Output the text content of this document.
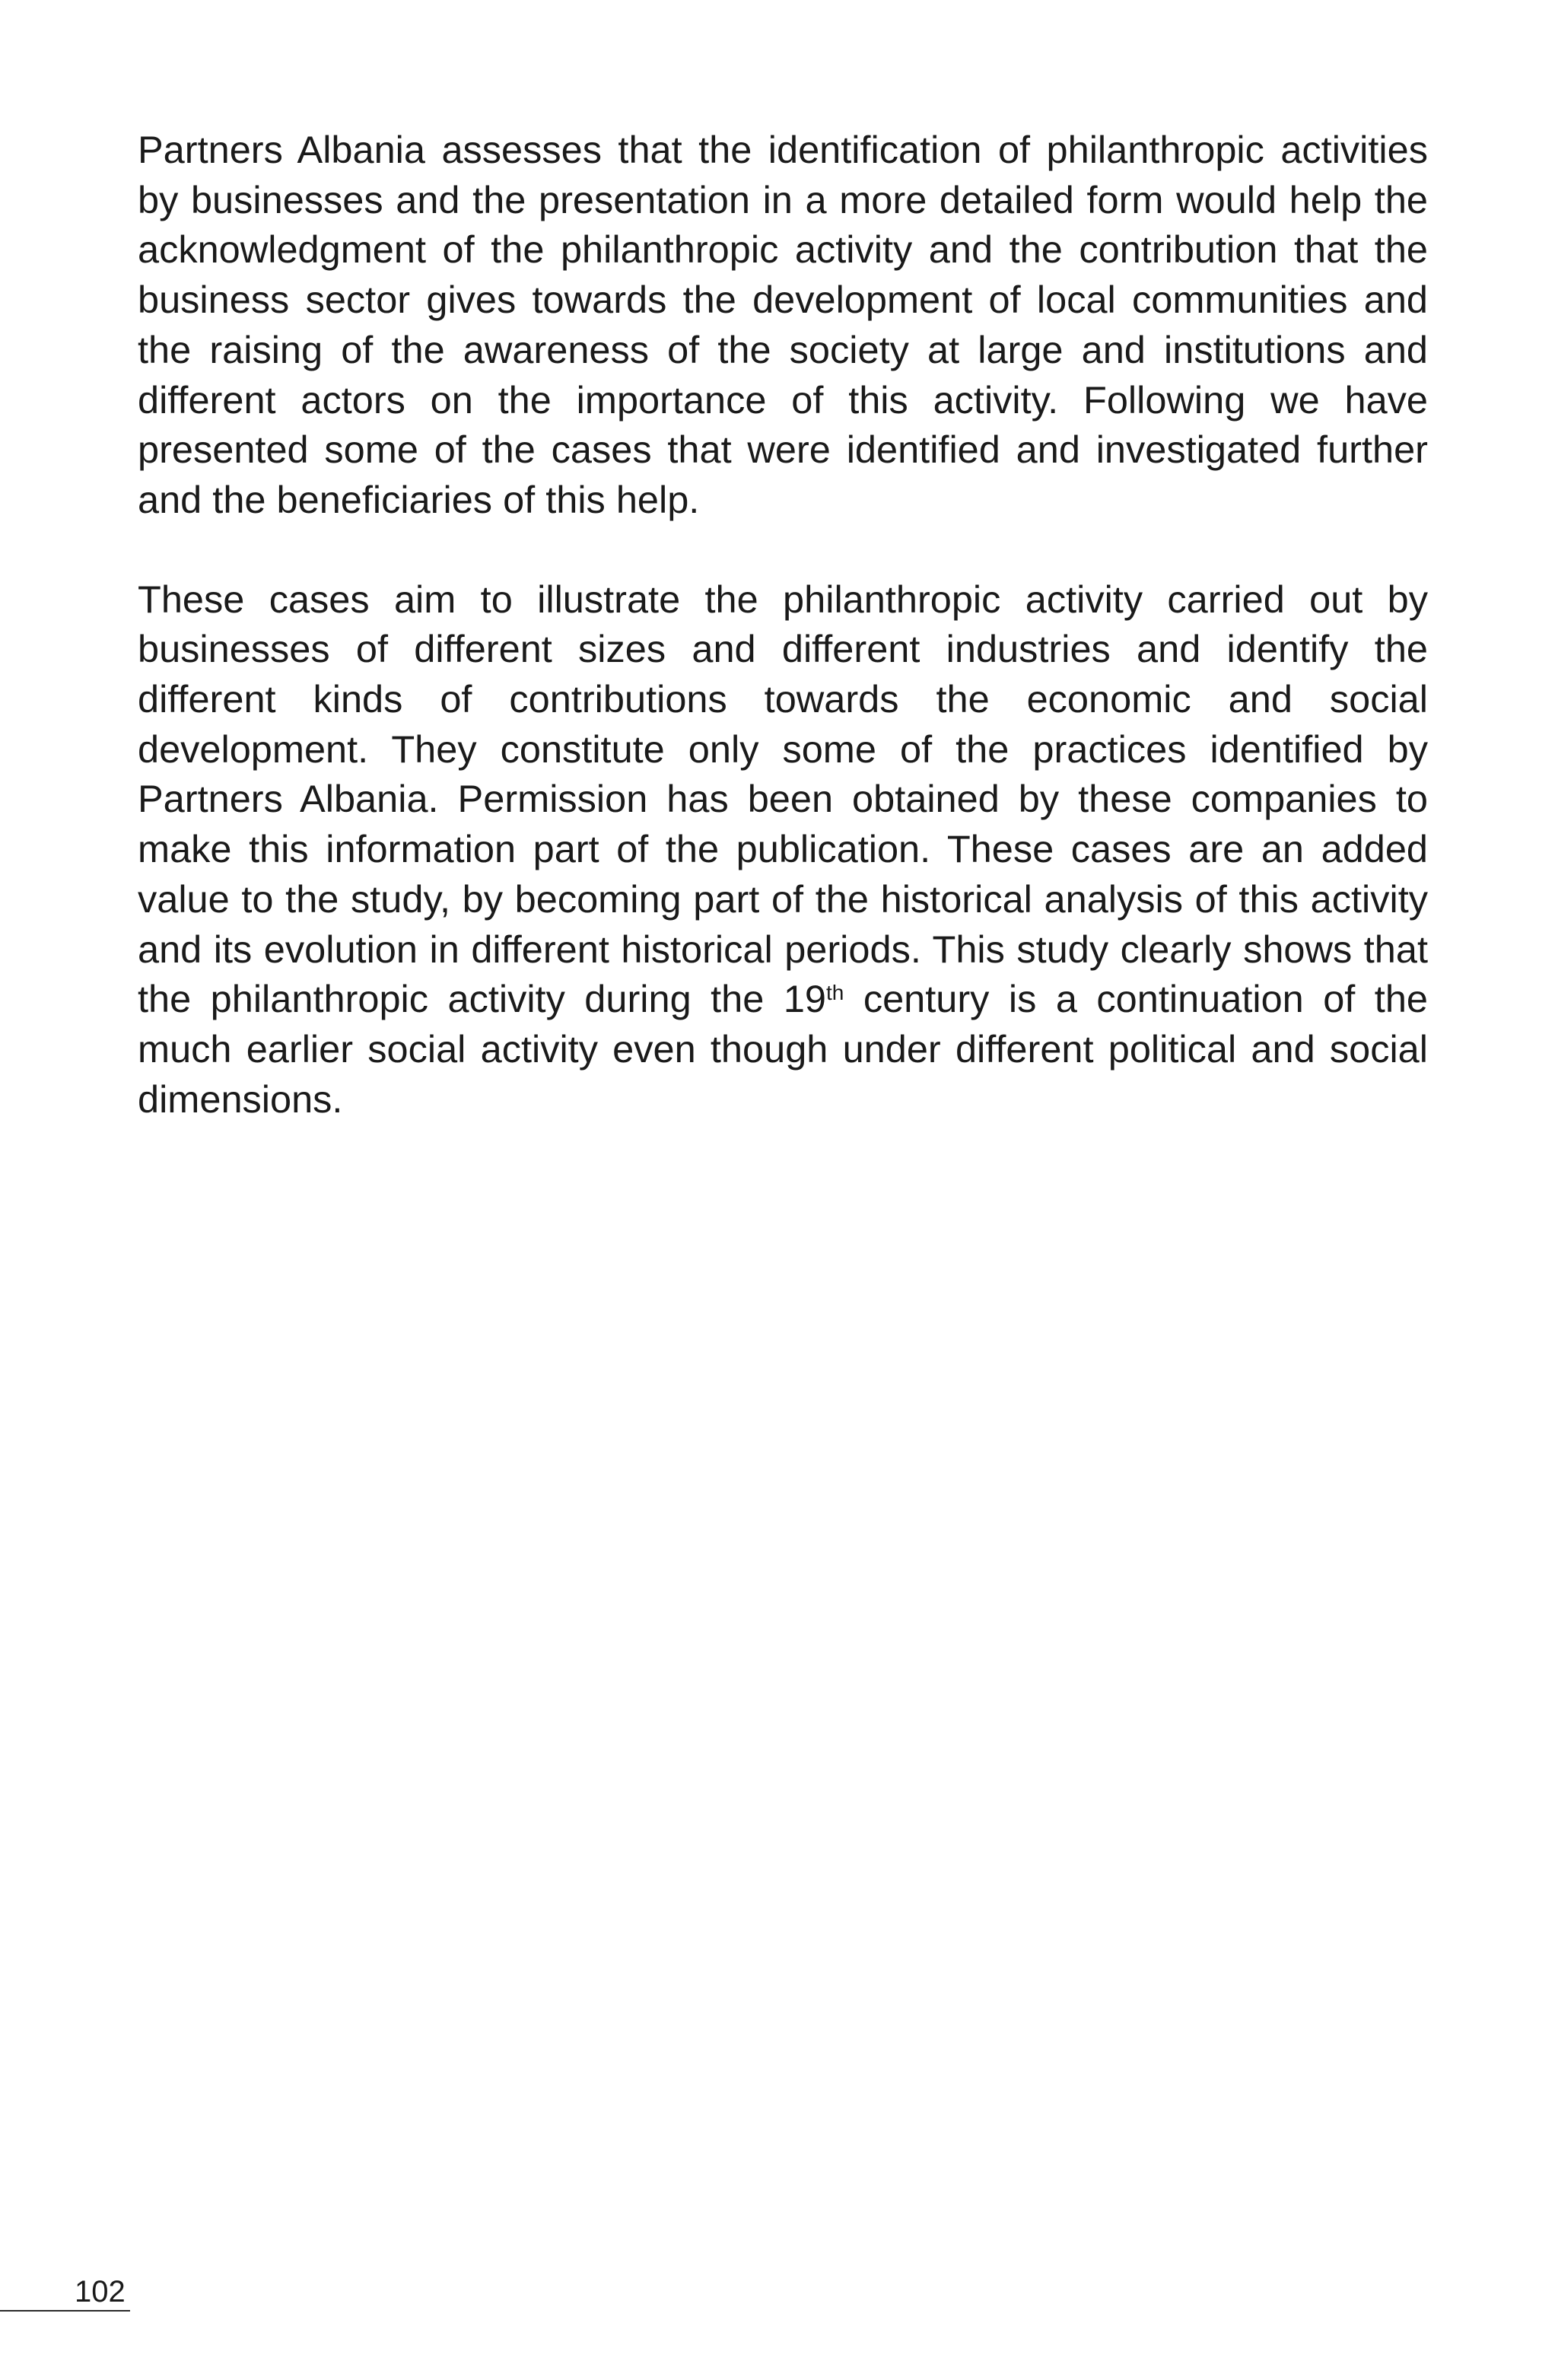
Partners Albania assesses that the identification of philanthropic activities by businesses and the presentation in a more detailed form would help the acknowledgment of the philanthropic activity and the contribution that the business sector gives towards the development of local communities and the raising of the awareness of the society at large and institutions and different actors on the importance of this activity. Following we have presented some of the cases that were identified and investigated further and the beneficiaries of this help.

These cases aim to illustrate the philanthropic activity carried out by businesses of different sizes and different industries and identify the different kinds of contributions towards the economic and social development. They constitute only some of the practices identified by Partners Albania. Permission has been obtained by these companies to make this information part of the publication. These cases are an added value to the study, by becoming part of the historical analysis of this activity and its evolution in different historical periods. This study clearly shows that the philanthropic activity during the 19th century is a continuation of the much earlier social activity even though under different political and social dimensions.

102
